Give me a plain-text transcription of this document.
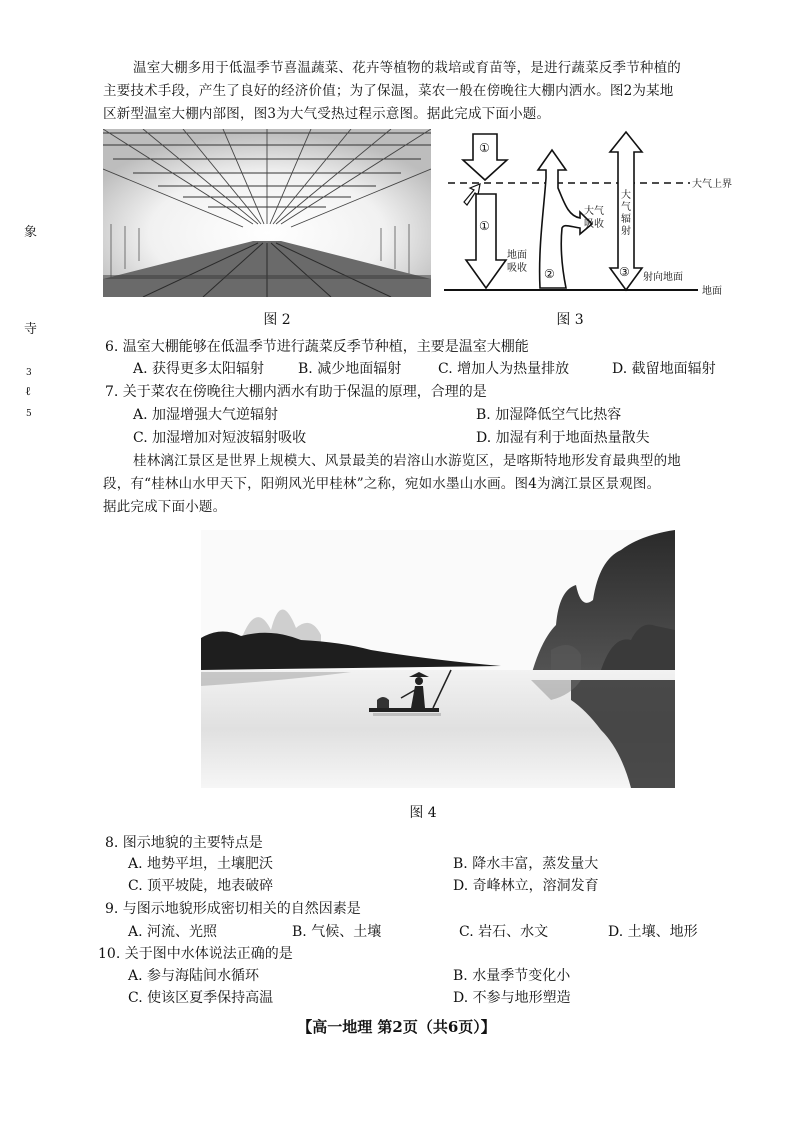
温室大棚多用于低温季节喜温蔬菜、花卉等植物的栽培或育苗等，是进行蔬菜反季节种植的
主要技术手段，产生了良好的经济价值；为了保温，菜农一般在傍晚往大棚内洒水。图2为某地
区新型温室大棚内部图，图3为大气受热过程示意图。据此完成下面小题。
图 2
①
①
②	③
大气上界
地面
吸收
大气
吸收
大
气
辐
射
射向地面
地面
图 3
象
寺
3
ℓ
5
6. 温室大棚能够在低温季节进行蔬菜反季节种植，主要是温室大棚能
A. 获得更多太阳辐射 B. 减少地面辐射	C. 增加人为热量排放	D. 截留地面辐射
7. 关于菜农在傍晚往大棚内洒水有助于保温的原理，合理的是
A. 加湿增强大气逆辐射	B. 加湿降低空气比热容
C. 加湿增加对短波辐射吸收	D. 加湿有利于地面热量散失
桂林漓江景区是世界上规模大、风景最美的岩溶山水游览区，是喀斯特地形发育最典型的地
段，有“桂林山水甲天下，阳朔风光甲桂林”之称，宛如水墨山水画。图4为漓江景区景观图。
据此完成下面小题。
图 4
8. 图示地貌的主要特点是
A. 地势平坦，土壤肥沃	B. 降水丰富，蒸发量大
C. 顶平坡陡，地表破碎	D. 奇峰林立，溶洞发育
9. 与图示地貌形成密切相关的自然因素是
A. 河流、光照	B. 气候、土壤	C. 岩石、水文	D. 土壤、地形
10. 关于图中水体说法正确的是
A. 参与海陆间水循环	B. 水量季节变化小
C. 使该区夏季保持高温	D. 不参与地形塑造
【高一地理 第2页（共6页）】
